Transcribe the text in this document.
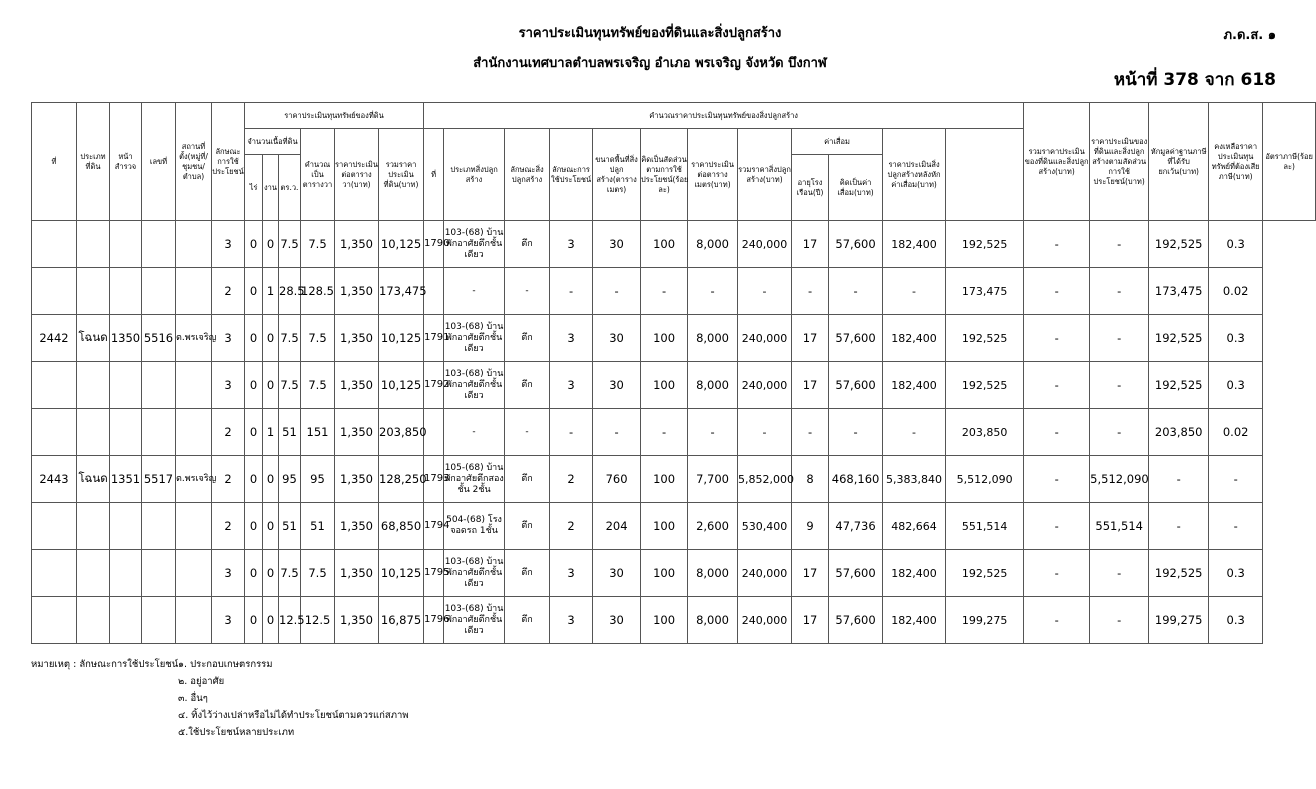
ราคาประเมินทุนทรัพย์ของที่ดินและสิ่งปลูกสร้าง
สำนักงานเทศบาลตำบลพรเจริญ อำเภอ พรเจริญ จังหวัด บึงกาฬ
ภ.ด.ส. ๑
หน้าที่ 378 จาก 618
ที่	ประเภทที่ดิน	หน้าสำรวจ	เลขที่	สถานที่ตั้ง(หมู่ที่/ชุมชน/ตำบล)	ลักษณะการใช้ประโยชน์	ราคาประเมินทุนทรัพย์ของที่ดิน						คำนวณราคาประเมินทุนทรัพย์ของสิ่งปลูกสร้าง												รวมราคาประเมินของที่ดินและสิ่งปลูกสร้าง(บาท)	ราคาประเมินของที่ดินและสิ่งปลูกสร้างตามสัดส่วนการใช้ประโยชน์(บาท)	หักมูลค่าฐานภาษีที่ได้รับยกเว้น(บาท)	คงเหลือราคาประเมินทุนทรัพย์ที่ต้องเสียภาษี(บาท)	อัตราภาษี(ร้อยละ)
						จำนวนเนื้อที่ดิน			คำนวณเป็นตารางวา	ราคาประเมินต่อตารางวา(บาท)	รวมราคาประเมินที่ดิน(บาท)	ที่	ประเภทสิ่งปลูกสร้าง	ลักษณะสิ่งปลูกสร้าง	ลักษณะการใช้ประโยชน์	ขนาดพื้นที่สิ่งปลูกสร้าง(ตารางเมตร)	คิดเป็นสัดส่วนตามการใช้ประโยชน์(ร้อยละ)	ราคาประเมินต่อตารางเมตร(บาท)	รวมราคาสิ่งปลูกสร้าง(บาท)	ค่าเสื่อม		ราคาประเมินสิ่งปลูกสร้างหลังหักค่าเสื่อม(บาท)						
						ไร่	งาน	ตร.ว.												อายุโรงเรือน(ปี)	คิดเป็นค่าเสื่อม(บาท)							
					3	0	0	7.5	7.5	1,350	10,125	1790	103-(68) บ้านพักอาศัยตึกชั้นเดียว	ตึก	3	30	100	8,000	240,000	17	57,600	182,400	192,525	-	-	192,525	0.3	
					2	0	1	28.5	128.5	1,350	173,475		-	-	-	-	-	-	-	-	-	-	173,475	-	-	173,475	0.02	
2442	โฉนด	1350	5516	ต.พรเจริญ	3	0	0	7.5	7.5	1,350	10,125	1791	103-(68) บ้านพักอาศัยตึกชั้นเดียว	ตึก	3	30	100	8,000	240,000	17	57,600	182,400	192,525	-	-	192,525	0.3	
					3	0	0	7.5	7.5	1,350	10,125	1792	103-(68) บ้านพักอาศัยตึกชั้นเดียว	ตึก	3	30	100	8,000	240,000	17	57,600	182,400	192,525	-	-	192,525	0.3	
					2	0	1	51	151	1,350	203,850		-	-	-	-	-	-	-	-	-	-	203,850	-	-	203,850	0.02	
2443	โฉนด	1351	5517	ต.พรเจริญ	2	0	0	95	95	1,350	128,250	1793	105-(68) บ้านพักอาศัยตึกสองชั้น 2ชั้น	ตึก	2	760	100	7,700	5,852,000	8	468,160	5,383,840	5,512,090	-	5,512,090	-	-	
					2	0	0	51	51	1,350	68,850	1794	504-(68) โรงจอดรถ 1ชั้น	ตึก	2	204	100	2,600	530,400	9	47,736	482,664	551,514	-	551,514	-	-	
					3	0	0	7.5	7.5	1,350	10,125	1795	103-(68) บ้านพักอาศัยตึกชั้นเดียว	ตึก	3	30	100	8,000	240,000	17	57,600	182,400	192,525	-	-	192,525	0.3	
					3	0	0	12.5	12.5	1,350	16,875	1796	103-(68) บ้านพักอาศัยตึกชั้นเดียว	ตึก	3	30	100	8,000	240,000	17	57,600	182,400	199,275	-	-	199,275	0.3	
หมายเหตุ : ลักษณะการใช้ประโยชน์ ๑. ประกอบเกษตรกรรม
๒. อยู่อาศัย
๓. อื่นๆ
๔. ทิ้งไว้ว่างเปล่าหรือไม่ได้ทำประโยชน์ตามควรแก่สภาพ
๕.ใช้ประโยชน์หลายประเภท
